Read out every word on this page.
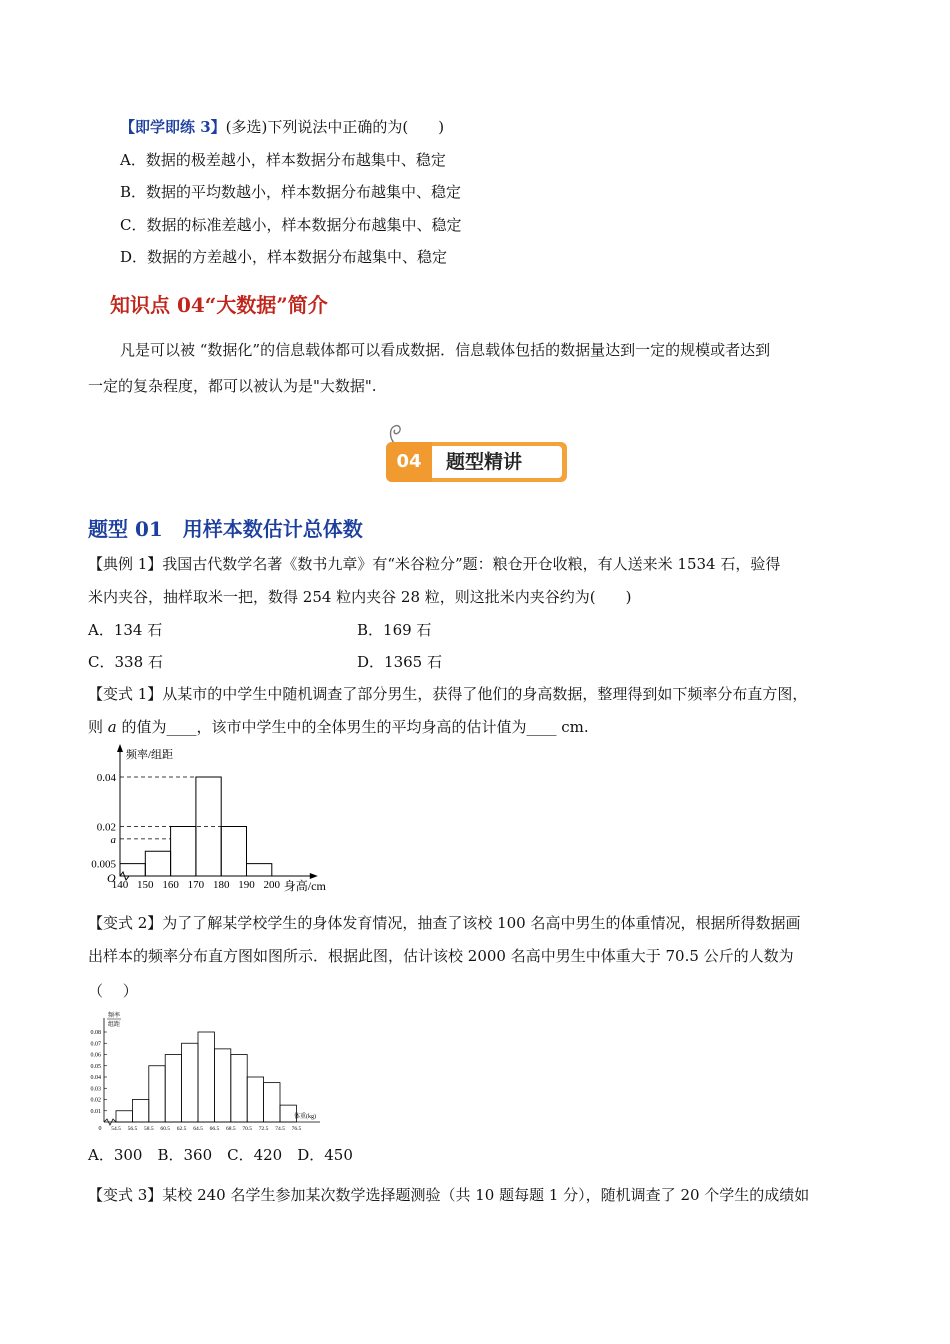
【即学即练 3】(多选)下列说法中正确的为(　　)
A．数据的极差越小，样本数据分布越集中、稳定
B．数据的平均数越小，样本数据分布越集中、稳定
C．数据的标准差越小，样本数据分布越集中、稳定
D．数据的方差越小，样本数据分布越集中、稳定
知识点 04“大数据”简介
凡是可以被 “数据化”的信息载体都可以看成数据．信息载体包括的数据量达到一定的规模或者达到
一定的复杂程度，都可以被认为是"大数据".
04	题型精讲
题型 01　用样本数估计总体数
【典例 1】我国古代数学名著《数书九章》有“米谷粒分”题：粮仓开仓收粮，有人送来米 1534 石，验得
米内夹谷，抽样取米一把，数得 254 粒内夹谷 28 粒，则这批米内夹谷约为(　　)
A．134 石	B．169 石
C．338 石	D．1365 石
【变式 1】从某市的中学生中随机调查了部分男生，获得了他们的身高数据，整理得到如下频率分布直方图，
则 a 的值为____，该市中学生中的全体男生的平均身高的估计值为____ cm.
0.04
0.02
a
0.005
O
140 150 160 170 180 190 200 身高/cm
频率/组距
【变式 2】为了了解某学校学生的身体发育情况，抽查了该校 100 名高中男生的体重情况，根据所得数据画
出样本的频率分布直方图如图所示．根据此图，估计该校 2000 名高中男生中体重大于 70.5 公斤的人数为
（　 ）
0.08
0.07
0.06
0.05
0.04
0.03
0.02
0.01
54.5 56.5 58.5 60.5 62.5 64.5 66.5 68.5 70.5 72.5 74.5 76.5
0
体重(kg)
频率
组距
A．300　B．360　C．420　D．450
【变式 3】某校 240 名学生参加某次数学选择题测验（共 10 题每题 1 分），随机调查了 20 个学生的成绩如
